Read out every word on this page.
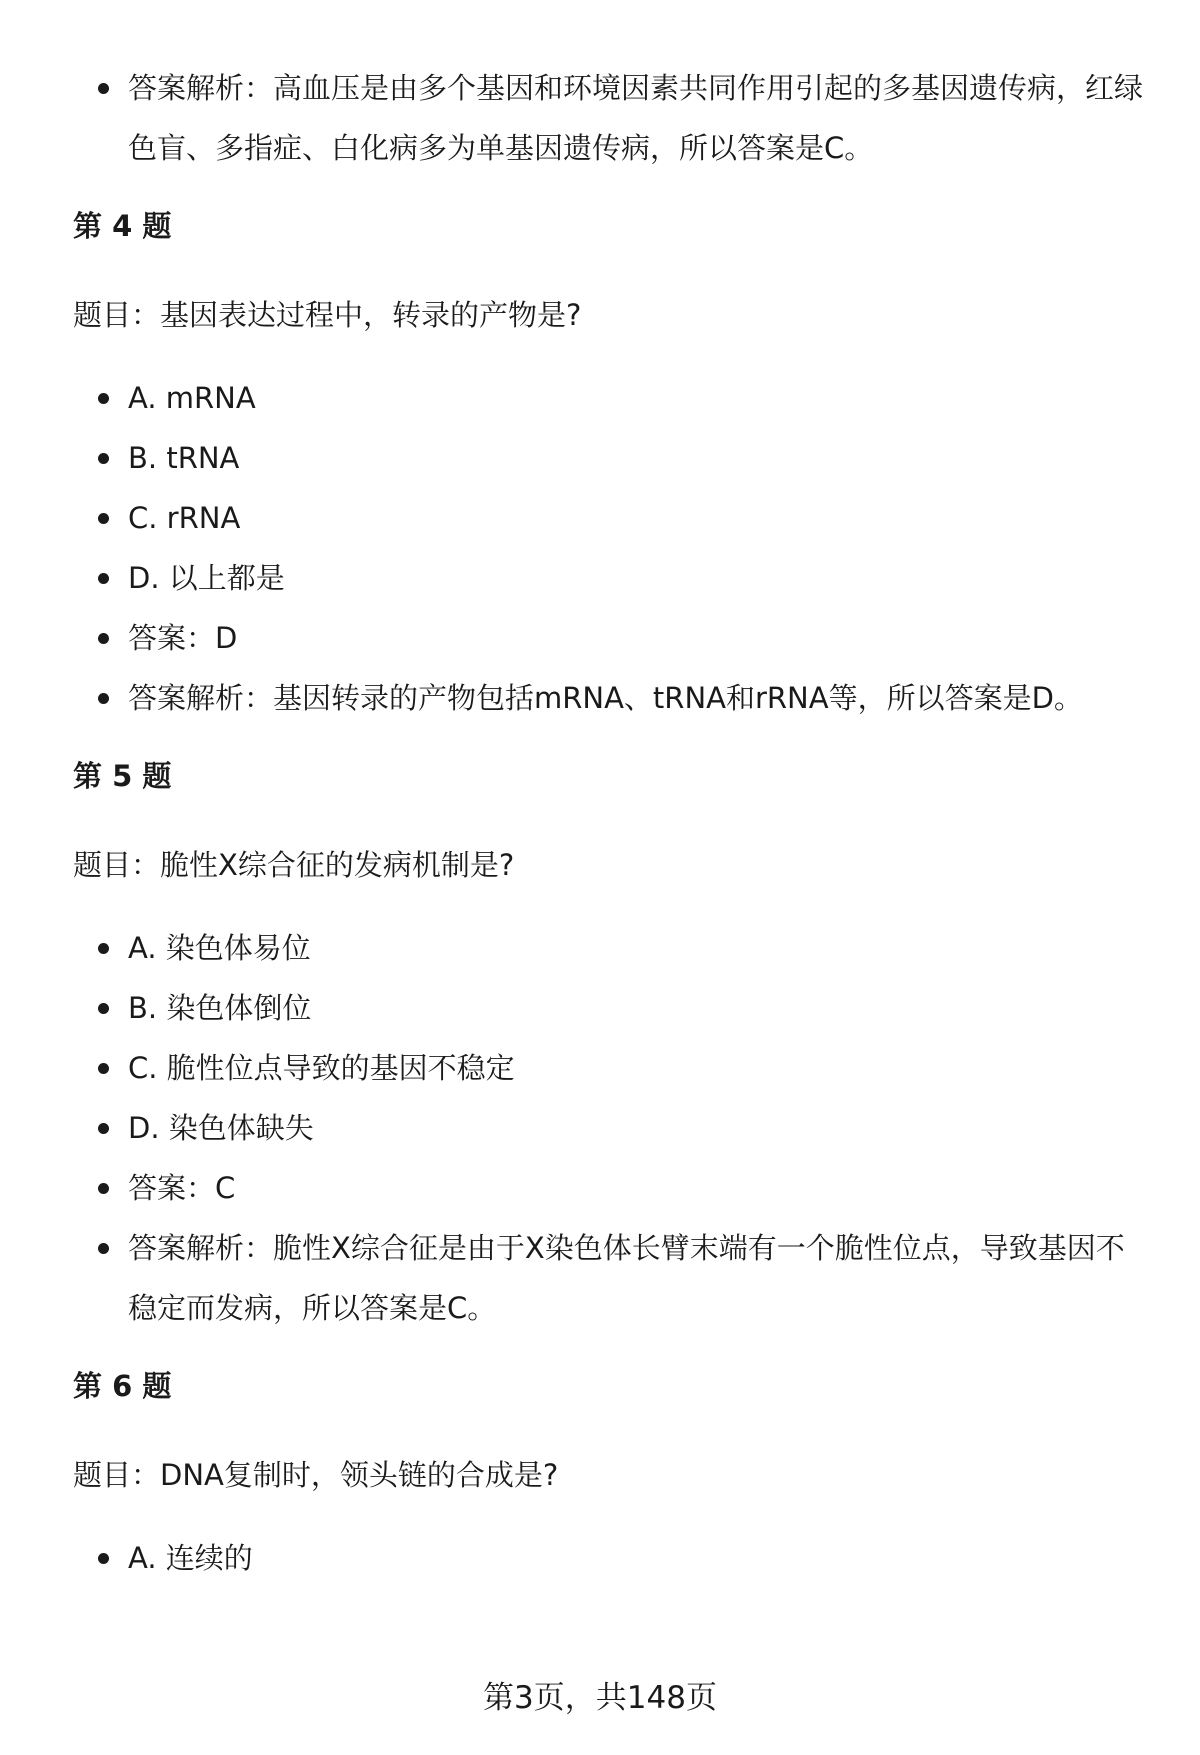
答案解析：高血压是由多个基因和环境因素共同作用引起的多基因遗传病，红绿色盲、多指症、白化病多为单基因遗传病，所以答案是C。

第 4 题

题目：基因表达过程中，转录的产物是?

A. mRNA
B. tRNA
C. rRNA
D. 以上都是
答案：D
答案解析：基因转录的产物包括mRNA、tRNA和rRNA等，所以答案是D。

第 5 题

题目：脆性X综合征的发病机制是?

A. 染色体易位
B. 染色体倒位
C. 脆性位点导致的基因不稳定
D. 染色体缺失
答案：C
答案解析：脆性X综合征是由于X染色体长臂末端有一个脆性位点，导致基因不稳定而发病，所以答案是C。

第 6 题

题目：DNA复制时，领头链的合成是?

A. 连续的
第3页，共148页
